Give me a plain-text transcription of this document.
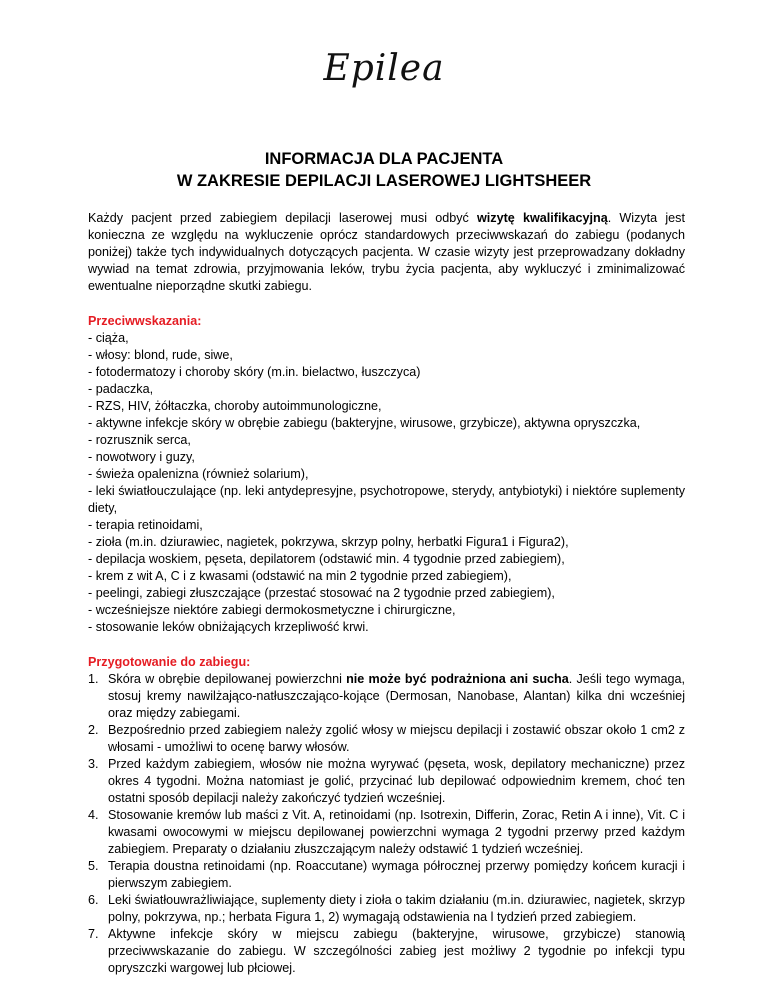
Epilea
INFORMACJA DLA PACJENTA
W ZAKRESIE DEPILACJI LASEROWEJ LIGHTSHEER

Każdy pacjent przed zabiegiem depilacji laserowej musi odbyć wizytę kwalifikacyjną. Wizyta jest konieczna ze względu na wykluczenie oprócz standardowych przeciwwskazań do zabiegu (podanych poniżej) także tych indywidualnych dotyczących pacjenta. W czasie wizyty jest przeprowadzany dokładny wywiad na temat zdrowia, przyjmowania leków, trybu życia pacjenta, aby wykluczyć i zminimalizować ewentualne nieporządne skutki zabiegu.

Przeciwwskazania:

- ciąża,
- włosy: blond, rude, siwe,
- fotodermatozy i choroby skóry (m.in. bielactwo, łuszczyca)
- padaczka,
- RZS, HIV, żółtaczka, choroby autoimmunologiczne,
- aktywne infekcje skóry w obrębie zabiegu (bakteryjne, wirusowe, grzybicze), aktywna opryszczka,
- rozrusznik serca,
- nowotwory i guzy,
- świeża opalenizna (również solarium),
- leki światłouczulające (np. leki antydepresyjne, psychotropowe, sterydy, antybiotyki) i niektóre suplementy diety,
- terapia retinoidami,
- zioła (m.in. dziurawiec, nagietek, pokrzywa, skrzyp polny, herbatki Figura1 i Figura2),
- depilacja woskiem, pęseta, depilatorem (odstawić min. 4 tygodnie przed zabiegiem),
- krem z wit A, C i z kwasami (odstawić na min 2 tygodnie przed zabiegiem),
- peelingi, zabiegi złuszczające (przestać stosować na 2 tygodnie przed zabiegiem),
- wcześniejsze niektóre zabiegi dermokosmetyczne i chirurgiczne,
- stosowanie leków obniżających krzepliwość krwi.

Przygotowanie do zabiegu:

1. Skóra w obrębie depilowanej powierzchni nie może być podrażniona ani sucha. Jeśli tego wymaga, stosuj kremy nawilżająco-natłuszczająco-kojące (Dermosan, Nanobase, Alantan) kilka dni wcześniej oraz między zabiegami.
2. Bezpośrednio przed zabiegiem należy zgolić włosy w miejscu depilacji i zostawić obszar około 1 cm2 z włosami - umożliwi to ocenę barwy włosów.
3. Przed każdym zabiegiem, włosów nie można wyrywać (pęseta, wosk, depilatory mechaniczne) przez okres 4 tygodni. Można natomiast je golić, przycinać lub depilować odpowiednim kremem, choć ten ostatni sposób depilacji należy zakończyć tydzień wcześniej.
4. Stosowanie kremów lub maści z Vit. A, retinoidami (np. Isotrexin, Differin, Zorac, Retin A i inne), Vit. C i kwasami owocowymi w miejscu depilowanej powierzchni wymaga 2 tygodni przerwy przed każdym zabiegiem. Preparaty o działaniu złuszczającym należy odstawić 1 tydzień wcześniej.
5. Terapia doustna retinoidami (np. Roaccutane) wymaga półrocznej przerwy pomiędzy końcem kuracji i pierwszym zabiegiem.
6. Leki światłouwrażliwiające, suplementy diety i zioła o takim działaniu (m.in. dziurawiec, nagietek, skrzyp polny, pokrzywa, np.; herbata Figura 1, 2) wymagają odstawienia na l tydzień przed zabiegiem.
7. Aktywne infekcje skóry w miejscu zabiegu (bakteryjne, wirusowe, grzybicze) stanowią przeciwwskazanie do zabiegu. W szczególności zabieg jest możliwy 2 tygodnie po infekcji typu opryszczki wargowej lub płciowej.
